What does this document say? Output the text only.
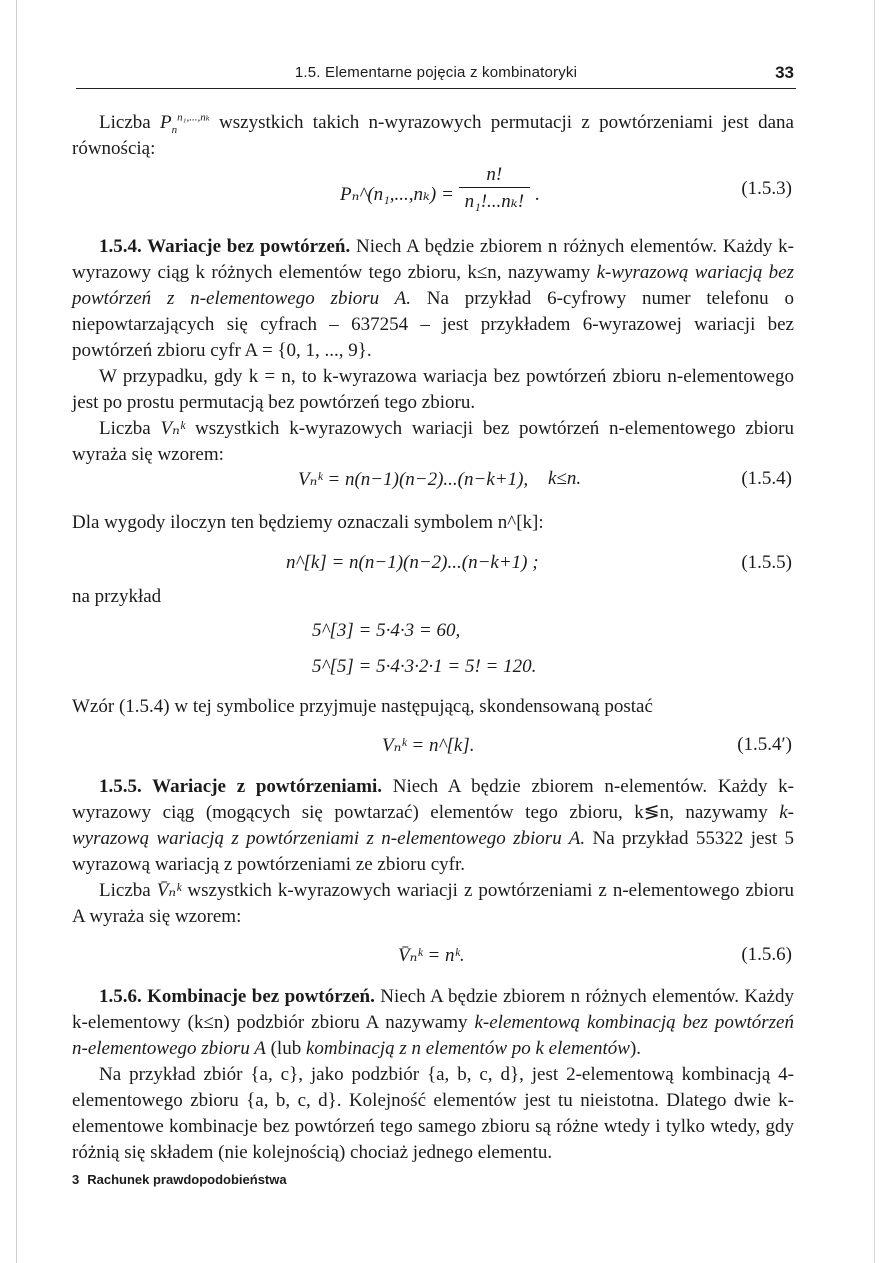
1.5. Elementarne pojęcia z kombinatoryki	33

Liczba $P_n^{n_1,...,n_k}$ wszystkich takich n-wyrazowych permutacji z powtórzeniami jest dana równością:

Pₙ^(n₁,...,nₖ) = $\frac{n!}{\text{n₁!...nₖ!}}$ .	(1.5.3)

1.5.4. Wariacje bez powtórzeń. Niech A będzie zbiorem n różnych elementów. Każdy k-wyrazowy ciąg k różnych elementów tego zbioru, k≤n, nazywamy k-wyrazową wariacją bez powtórzeń z n-elementowego zbioru A. Na przykład 6-cyfrowy numer telefonu o niepowtarzających się cyfrach – 637254 – jest przykładem 6-wyrazowej wariacji bez powtórzeń zbioru cyfr A = {0, 1, ..., 9}.

W przypadku, gdy k = n, to k-wyrazowa wariacja bez powtórzeń zbioru n-elementowego jest po prostu permutacją bez powtórzeń tego zbioru.

Liczba Vₙᵏ wszystkich k-wyrazowych wariacji bez powtórzeń n-elementowego zbioru wyraża się wzorem:

Vₙᵏ = n(n−1)(n−2)...(n−k+1), k≤n.	(1.5.4)

Dla wygody iloczyn ten będziemy oznaczali symbolem n^[k]:

n^[k] = n(n−1)(n−2)...(n−k+1) ;	(1.5.5)

na przykład

5^[3] = 5·4·3 = 60,
5^[5] = 5·4·3·2·1 = 5! = 120.

Wzór (1.5.4) w tej symbolice przyjmuje następującą, skondensowaną postać

Vₙᵏ = n^[k].	(1.5.4′)

1.5.5. Wariacje z powtórzeniami. Niech A będzie zbiorem n-elementów. Każdy k-wyrazowy ciąg (mogących się powtarzać) elementów tego zbioru, k≶n, nazywamy k-wyrazową wariacją z powtórzeniami z n-elementowego zbioru A. Na przykład 55322 jest 5 wyrazową wariacją z powtórzeniami ze zbioru cyfr.

Liczba V̄ₙᵏ wszystkich k-wyrazowych wariacji z powtórzeniami z n-elementowego zbioru A wyraża się wzorem:

V̄ₙᵏ = nᵏ.	(1.5.6)

1.5.6. Kombinacje bez powtórzeń. Niech A będzie zbiorem n różnych elementów. Każdy k-elementowy (k≤n) podzbiór zbioru A nazywamy k-elementową kombinacją bez powtórzeń n-elementowego zbioru A (lub kombinacją z n elementów po k elementów).

Na przykład zbiór {a, c}, jako podzbiór {a, b, c, d}, jest 2-elementową kombinacją 4-elementowego zbioru {a, b, c, d}. Kolejność elementów jest tu nieistotna. Dlatego dwie k-elementowe kombinacje bez powtórzeń tego samego zbioru są różne wtedy i tylko wtedy, gdy różnią się składem (nie kolejnością) chociaż jednego elementu.

3 Rachunek prawdopodobieństwa
